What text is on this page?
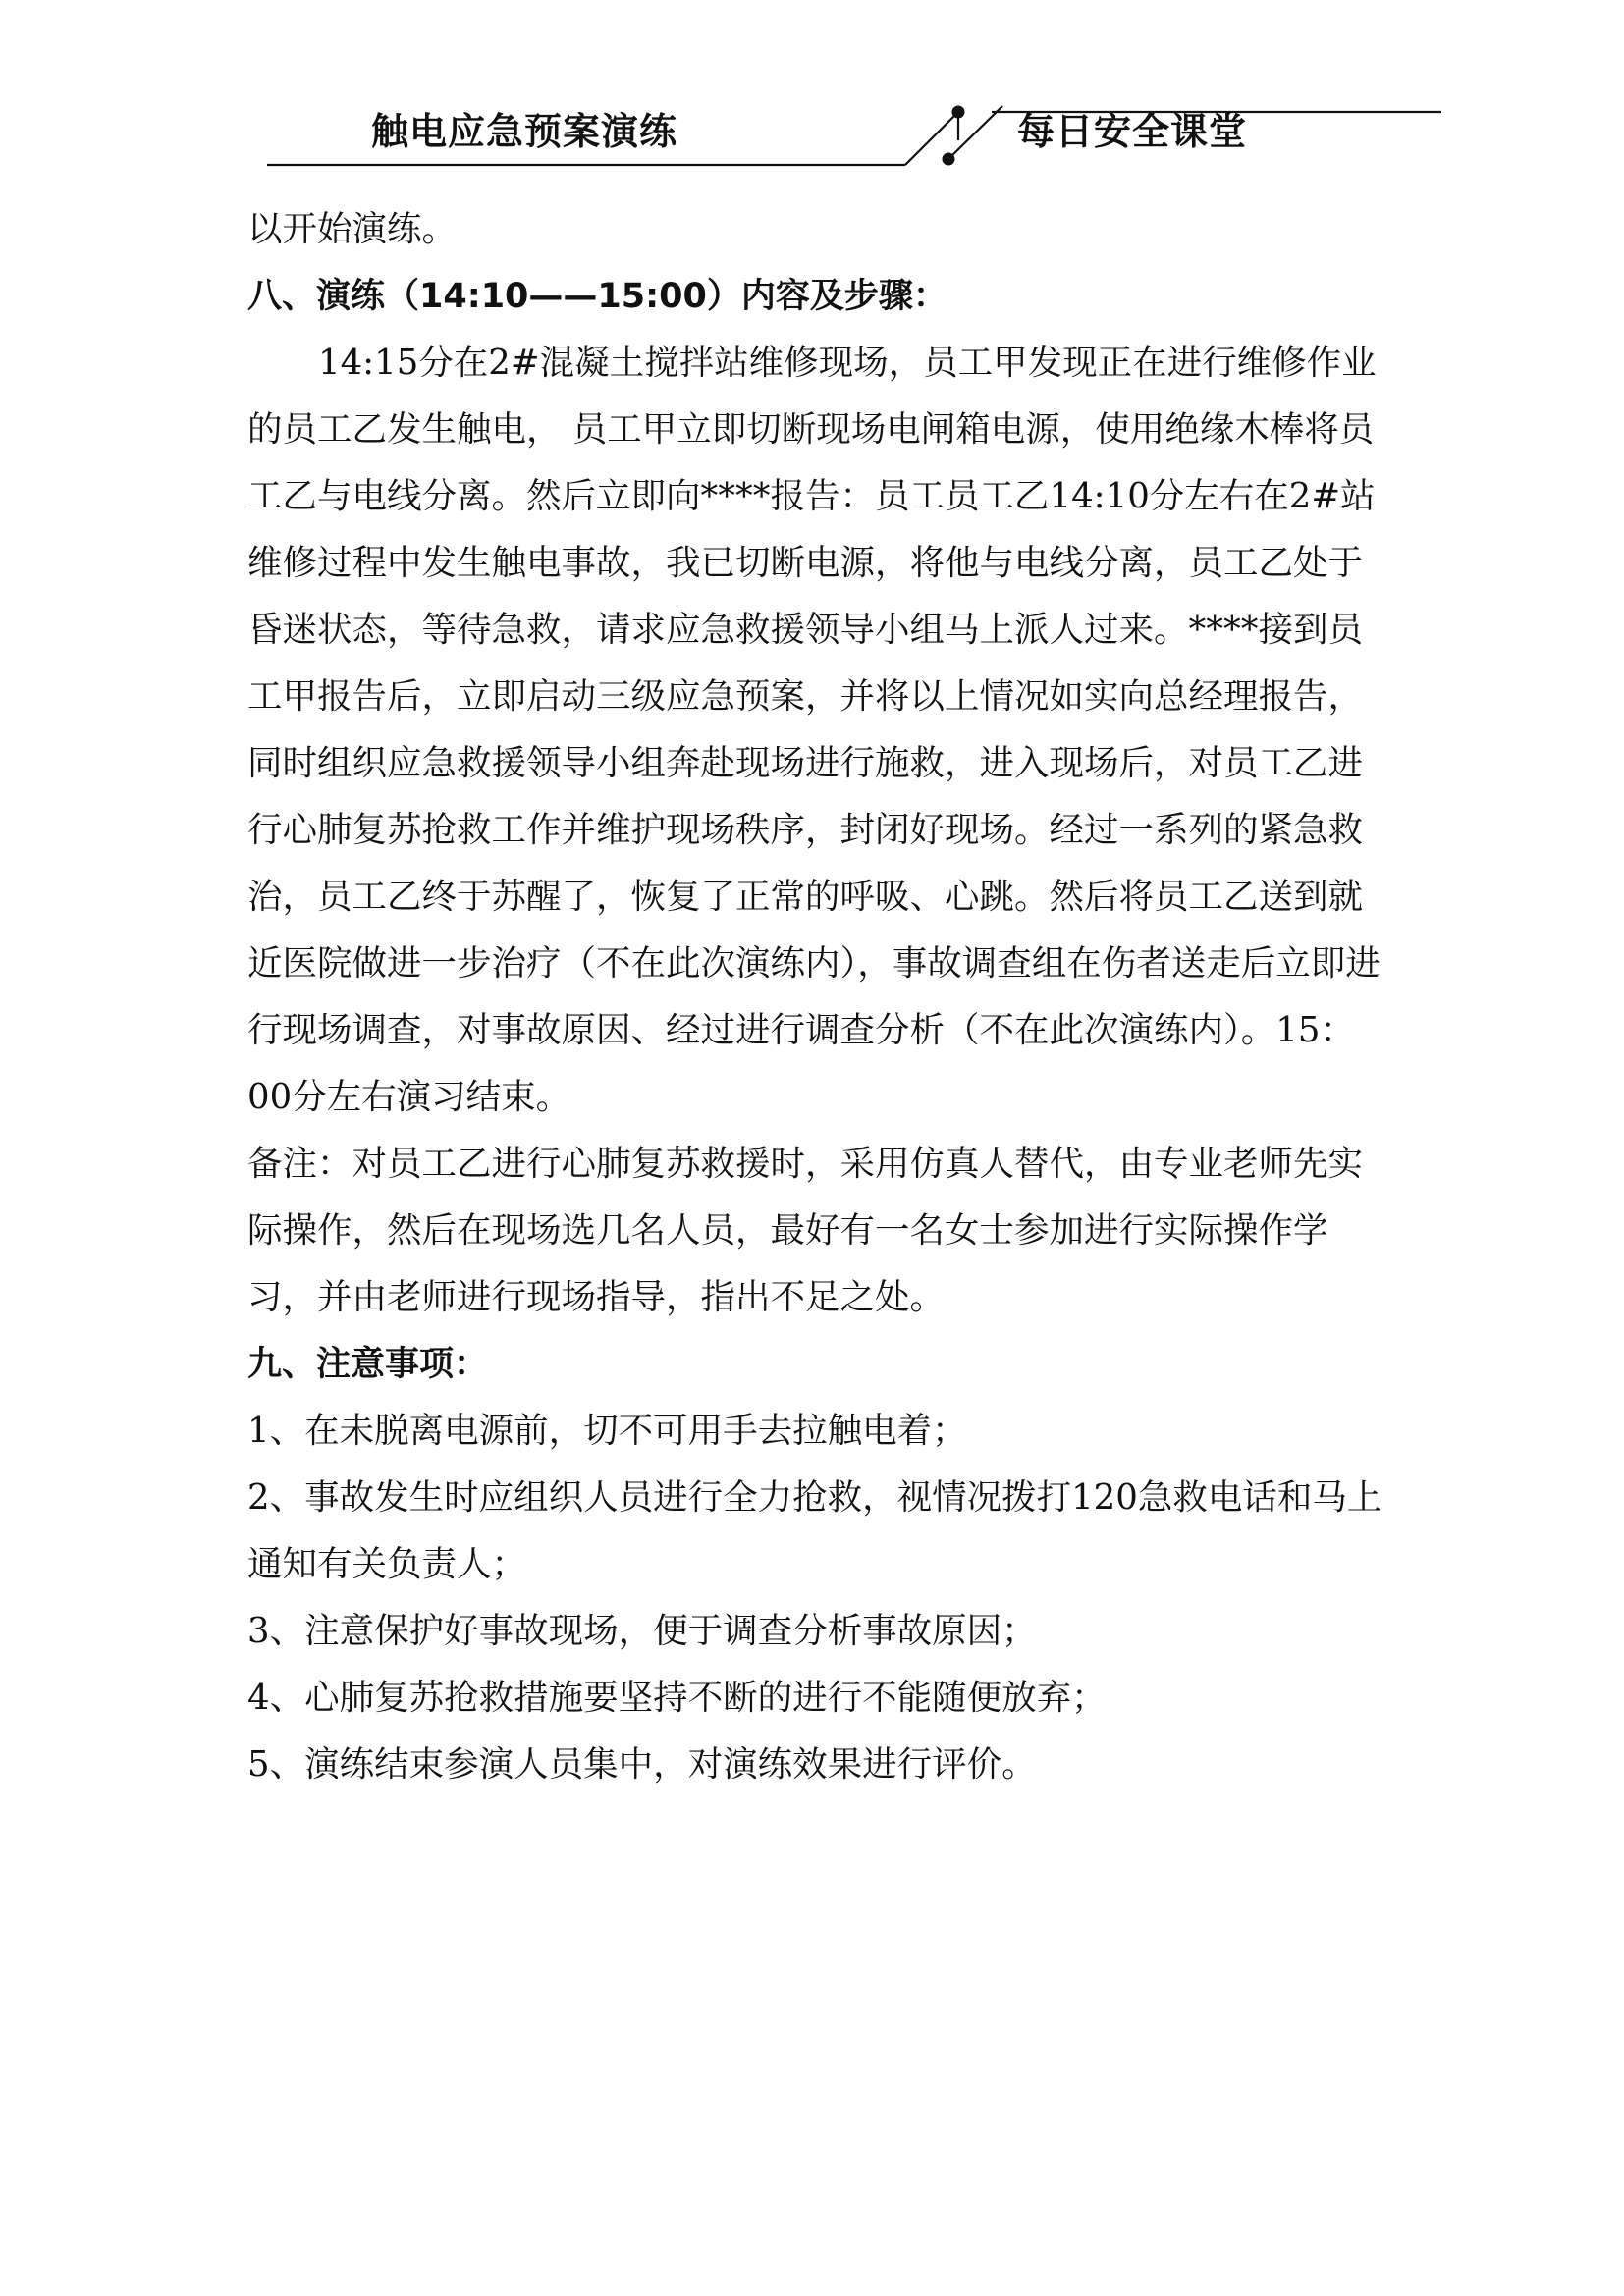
触电应急预案演练	每日安全课堂

以开始演练。

八、演练（14:10——15:00）内容及步骤：

14:15分在2#混凝土搅拌站维修现场，员工甲发现正在进行维修作业的员工乙发生触电， 员工甲立即切断现场电闸箱电源，使用绝缘木棒将员工乙与电线分离。然后立即向****报告：员工员工乙14:10分左右在2#站维修过程中发生触电事故，我已切断电源，将他与电线分离，员工乙处于昏迷状态，等待急救，请求应急救援领导小组马上派人过来。****接到员工甲报告后，立即启动三级应急预案，并将以上情况如实向总经理报告，同时组织应急救援领导小组奔赴现场进行施救，进入现场后，对员工乙进行心肺复苏抢救工作并维护现场秩序，封闭好现场。经过一系列的紧急救治，员工乙终于苏醒了，恢复了正常的呼吸、心跳。然后将员工乙送到就近医院做进一步治疗（不在此次演练内），事故调查组在伤者送走后立即进行现场调查，对事故原因、经过进行调查分析（不在此次演练内）。15：00分左右演习结束。

备注：对员工乙进行心肺复苏救援时，采用仿真人替代，由专业老师先实际操作，然后在现场选几名人员，最好有一名女士参加进行实际操作学习，并由老师进行现场指导，指出不足之处。

九、注意事项：

1、在未脱离电源前，切不可用手去拉触电着；

2、事故发生时应组织人员进行全力抢救，视情况拨打120急救电话和马上通知有关负责人；

3、注意保护好事故现场，便于调查分析事故原因；

4、心肺复苏抢救措施要坚持不断的进行不能随便放弃；

5、演练结束参演人员集中，对演练效果进行评价。
